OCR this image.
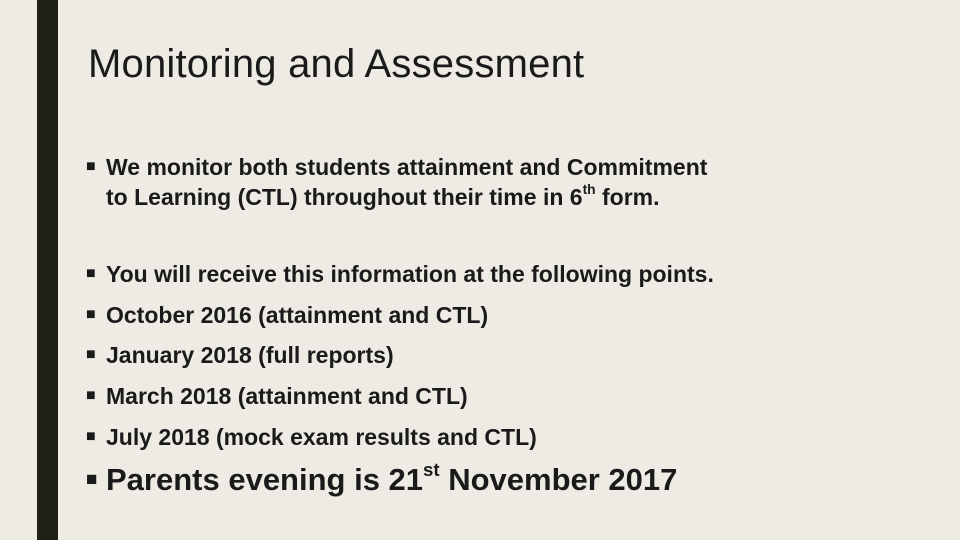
Monitoring and Assessment
■ We monitor both students attainment and Commitment
to Learning (CTL) throughout their time in 6th form.
■ You will receive this information at the following points.
■ October 2016 (attainment and CTL)
■ January 2018 (full reports)
■ March 2018 (attainment and CTL)
■ July 2018 (mock exam results and CTL)
■ Parents evening is 21st November 2017
